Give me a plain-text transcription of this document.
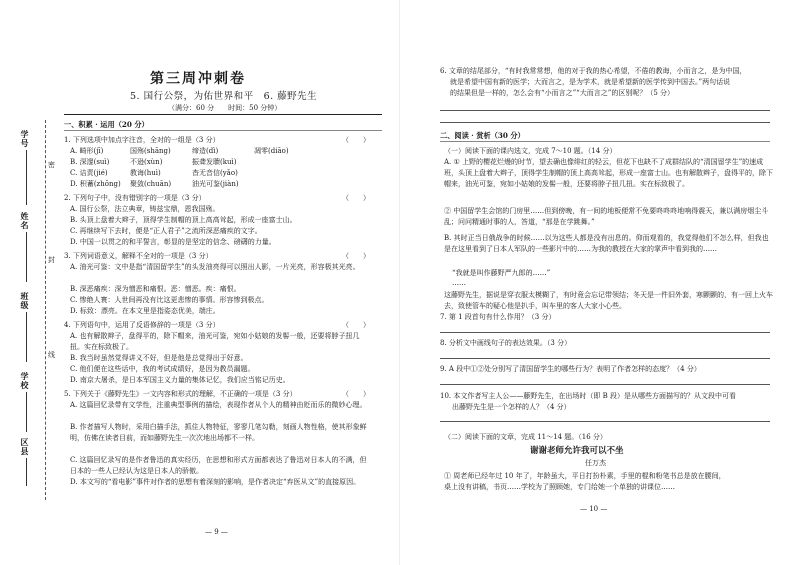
学号
姓名
班级
学校
区县
密
封
线
第三周冲刺卷
5. 国行公祭，为佑世界和平　6. 藤野先生
（满分：60 分　　时间：50 分钟）
一、积累 · 运用（20 分）
1. 下列选项中加点字注音，全对的一组是（3 分）	（　　）
A. 畸形(jī)	国殇(shāng)	缔造(dì)	凋零(diāo)
B. 深邃(suì)	不逊(xùn)	振聋发聩(kuì)
C. 诘责(jié)	教诲(huì)	杳无音信(yǎo)
D. 积蓄(zhōng) 聚敛(chuān)	油光可鉴(jiàn)
2. 下列句子中，没有错别字的一项是（3 分）	（　　）
A. 国行公祭，法立典章，铸兹宝鼎，恩我国殇。
B. 头顶上盘着大辫子，顶得学生制帽的顶上高高耸起，形成一座富士山。
C. 再继续写下去时，便是“正人君子”之流所深恶痛疾的文字。
D. 中国一以贯之的和平誓言，彰显的是坚定的信念、磅礴的力量。
3. 下列词语意义，解释不全对的一项是（3 分）	（　　）
A. 油光可鉴：文中是指“清国留学生”的头发油亮得可以照出人影，一片光亮，形容极其光亮。
B. 深恶痛疾：深为憎恶和痛恨。恶：憎恶。疾：痛恨。
C. 惨绝人寰：人世间再没有比这更悲惨的事情。形容惨到极点。
D. 标致：漂亮。在本文里是指姿态优美，端庄。
4. 下列语句中，运用了反语修辞的一项是（3 分）	（　　）
A. 也有解散辫子，盘得平的，除下帽来，油光可鉴，宛如小姑娘的发髻一般，还要将脖子扭几扭。实在标致极了。
B. 我当时虽然觉得讲义不好，但是他是总觉得出于好意。
C. 他们便在这些话中，我的考试成绩好，是因为教员漏题。
D. 南京大屠杀，是日本军国主义力量的集体记忆，我们应当铭记历史。
5. 下列关于《藤野先生》一文内容和形式的理解，不正确的一项是（3 分）	（　　）
A. 这篇回忆录带有文学性，注重典型事例的描绘，表现作者从个人的精神由贬而乐的微妙心理。
B. 作者描写人物时，采用白描手法，抓住人物特征，寥寥几笔勾勒，刻画人物性格，使其形象鲜明，仿佛在读者目前，而如藤野先生一次次地出场都不一样。
C. 这篇回忆录写的是作者鲁迅的真实经历，在思想和形式方面都表达了鲁迅对日本人的不满，但日本的一些人已经认为这是日本人的骄傲。
D. 本文写的“看电影”事件对作者的思想有着深刻的影响，是作者决定“弃医从文”的直接原因。
— 9 —
6. 文章的结尾部分，“有时我常常想，他的对于我的热心希望，不倦的教诲，小而言之，是为中国，
就是希望中国有新的医学；大而言之，是为学术，就是希望新的医学传到中国去。”两句话说
的结果但是一样的，怎么会有“小而言之”“大而言之”的区别呢？（5 分）
二、阅读 · 赏析（30 分）
（一）阅读下面的课内选文，完成 7～10 题。（14 分）
A. ① 上野的樱花烂熳的时节，望去确也像绯红的轻云，但花下也缺不了成群结队的“清国留学生”的速成班，头顶上盘着大辫子，顶得学生制帽的顶上高高耸起，形成一座富士山。也有解散辫子，盘得平的，除下帽来，油光可鉴，宛如小姑娘的发髻一般，还要将脖子扭几扭。实在标致极了。
② 中国留学生会馆的门房里……但到傍晚，有一间的地板便常不免要咚咚咚地响得震天，兼以满房烟尘斗乱；问问精通时事的人，答道，“那是在学跳舞。”
B. 其时正当日俄战争的时候……以为这些人都是没有出息的。仰而观看的，我觉得他们不怎么样，但我也是在这里看到了日本人军队的一些影片中的……为我的教授在大家的掌声中看到我的……
“我就是叫作藤野严九郎的……”
……
这藤野先生，据说是穿衣服太模糊了，有时竟会忘记带领结；冬天是一件旧外套，寒颤颤的，有一回上火车去，致使管车的疑心他是扒手，叫车里的客人大家小心些。
7. 第 1 段首句有什么作用？（3 分）
8. 分析文中画线句子的表达效果。（3 分）
9. A 段中①②处分别写了清国留学生的哪些行为？表明了作者怎样的态度？（4 分）
10. 本文作者写主人公——藤野先生，在出场时（即 B 段）是从哪些方面描写的？从文段中可看
出藤野先生是一个怎样的人？（4 分）
（二）阅读下面的文章，完成 11～14 题。（16 分）
谢谢老师允许我可以不坐
任万杰
① 周老师已经年过 10 年了，年龄虽大，平日打扮朴素，手里的棍和粉笔书总是放在腰间，
桌上没有讲稿，书页……学校为了照顾她，专门给她一个单独的讲课位……
— 10 —
